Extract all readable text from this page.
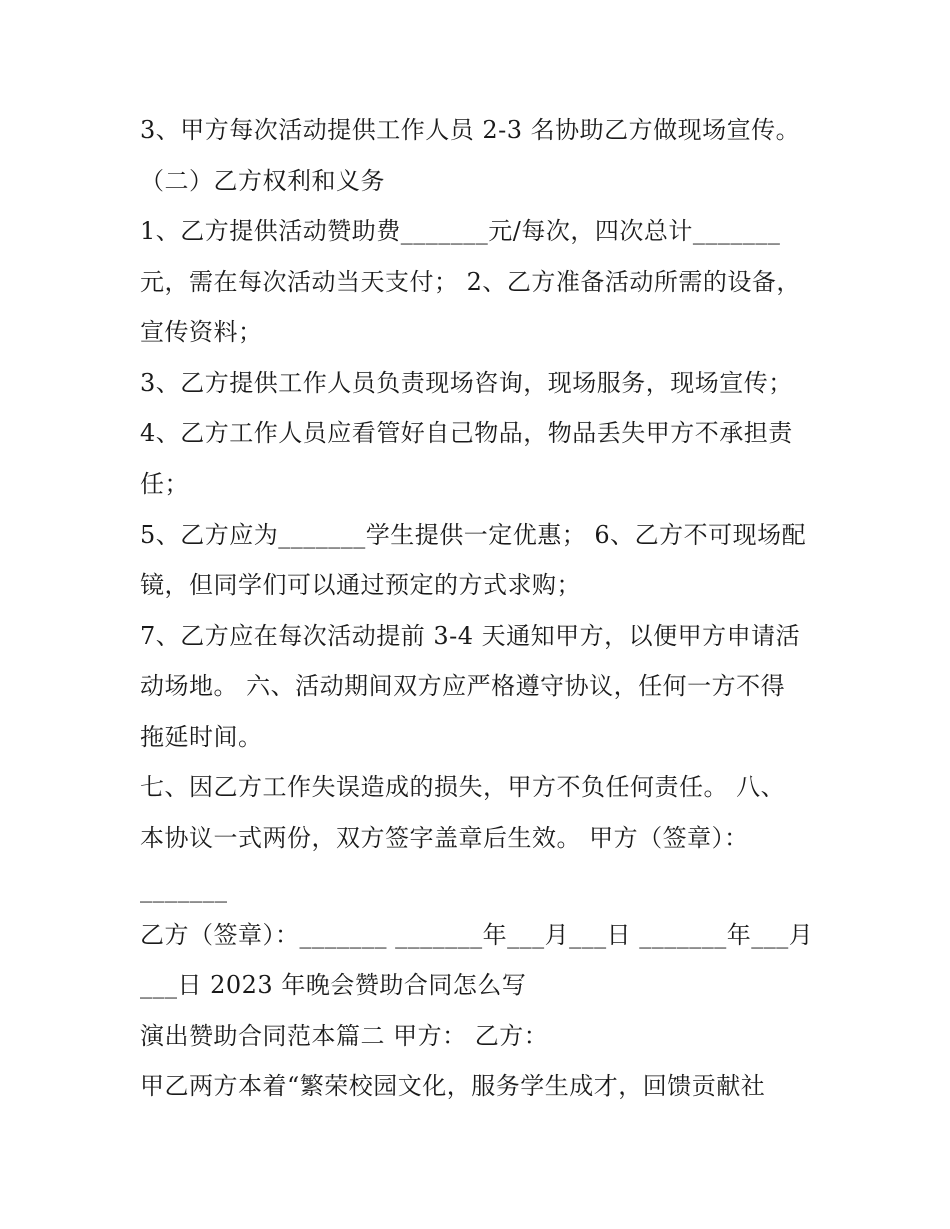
3、甲方每次活动提供工作人员 2-3 名协助乙方做现场宣传。
（二）乙方权利和义务
1、乙方提供活动赞助费_______元/每次，四次总计_______
元，需在每次活动当天支付； 2、乙方准备活动所需的设备，
宣传资料；
3、乙方提供工作人员负责现场咨询，现场服务，现场宣传；
4、乙方工作人员应看管好自己物品，物品丢失甲方不承担责
任；
5、乙方应为_______学生提供一定优惠； 6、乙方不可现场配
镜，但同学们可以通过预定的方式求购；
7、乙方应在每次活动提前 3-4 天通知甲方，以便甲方申请活
动场地。 六、活动期间双方应严格遵守协议，任何一方不得
拖延时间。
七、因乙方工作失误造成的损失，甲方不负任何责任。 八、
本协议一式两份，双方签字盖章后生效。 甲方（签章）：
_______
乙方（签章）：_______ _______年___月___日 _______年___月
___日 2023 年晚会赞助合同怎么写
演出赞助合同范本篇二 甲方： 乙方：
甲乙两方本着“繁荣校园文化，服务学生成才，回馈贡献社
